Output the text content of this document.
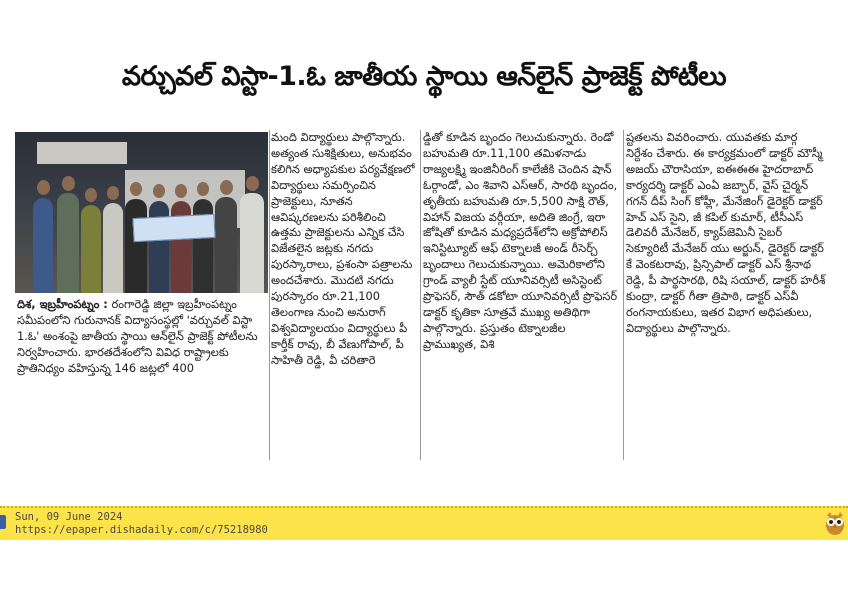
వర్చువల్ విస్టా-1.ఓ జాతీయ స్థాయి ఆన్‌లైన్ ప్రాజెక్ట్ పోటీలు
దిశ, ఇబ్రహీంపట్నం : రంగారెడ్డి జిల్లా ఇబ్రహీంపట్నం సమీపంలోని గురునానక్ విద్యాసంస్థల్లో 'వర్చువల్ విస్టా 1.ఓ' అంశంపై జాతీయ స్థాయి ఆన్‌లైన్ ప్రాజెక్ట్ పోటీలను నిర్వహించారు. భారతదేశంలోని వివిధ రాష్ట్రాలకు ప్రాతినిధ్యం వహిస్తున్న 146 జట్లలో 400
మంది విద్యార్థులు పాల్గొన్నారు. అత్యంత సుశిక్షితులు, అనుభవం కలిగిన అధ్యాపకుల పర్యవేక్షణలో విద్యార్థులు సమర్పించిన ప్రాజెక్టులు, నూతన ఆవిష్కరణలను పరిశీలించి ఉత్తమ ప్రాజెక్టులను ఎన్నిక చేసి విజేతలైన జట్లకు నగదు పురస్కారాలు, ప్రశంసా పత్రాలను అందచేశారు. మొదటి నగదు పురస్కారం రూ.21,100 తెలంగాణ నుంచి అనురాగ్ విశ్వవిద్యాలయం విద్యార్థులు పీ కార్తీక్ రావు, బీ వేణుగోపాల్, పీ సాహితీ రెడ్డి, వీ చరితారె
డ్డితో కూడిన బృందం గెలుచుకున్నారు. రెండో బహుమతి రూ.11,100 తమిళనాడు రాజ్యలక్ష్మి ఇంజినీరింగ్ కాలేజీకి చెందిన షాన్ ఓర్గాండో, ఎం శివాని ఎస్‌ఆర్, సారథి బృందం, తృతీయ బహుమతి రూ.5,500 సాక్షి రౌత్, విహాన్ విజయ వర్గీయా, అదితి జింగ్రే, ఇరా జోషితో కూడిన మధ్యప్రదేశ్‌లోని అక్రోపోలిస్ ఇనిస్టిట్యూట్ ఆఫ్ టెక్నాలజీ అండ్ రీసెర్చ్ బృందాలు గెలుచుకున్నాయి. అమెరికాలోని గ్రాండ్ వ్యాలీ స్టేట్ యూనివర్సిటీ అసిస్టెంట్ ప్రొఫెసర్, సౌత్ డకోటా యూనివర్సిటీ ప్రొఫెసర్ డాక్టర్ కృతికా సూత్రవే ముఖ్య అతిథిగా పాల్గొన్నారు. ప్రస్తుతం టెక్నాలజీల ప్రాముఖ్యత, విశి
ష్టతలను వివరించారు. యువతకు మార్గ నిర్దేశం చేశారు. ఈ కార్యక్రమంలో డాక్టర్ మౌస్మీ అజయ్ చౌరాసియా, ఐఈఈఈ హైదరాబాద్ కార్యదర్శి డాక్టర్ ఎంఏ జబ్బార్, వైస్ చైర్మన్ గగన్ దీప్ సింగ్ కోహ్లీ, మేనేజింగ్ డైరెక్టర్ డాక్టర్ హెచ్ ఎస్ సైని, జీ కపిల్ కుమార్, టీసీఎస్ డెలివరీ మేనేజర్, క్యాప్‌జెమినీ సైబర్ సెక్యూరిటీ మేనేజర్ యు అర్జున్, డైరెక్టర్ డాక్టర్ కే వెంకటరావు, ప్రిన్సిపాల్ డాక్టర్ ఎస్ శ్రీనాథ రెడ్డి, పీ పార్థసారథి, రిషి సయాల్, డాక్టర్ హరీశ్ కుంద్రా, డాక్టర్ గీతా త్రిపాఠి, డాక్టర్ ఎస్‌వీ రంగనాయకులు, ఇతర విభాగ అధిపతులు, విద్యార్థులు పాల్గొన్నారు.
Sun, 09 June 2024
https://epaper.dishadaily.com/c/75218980
